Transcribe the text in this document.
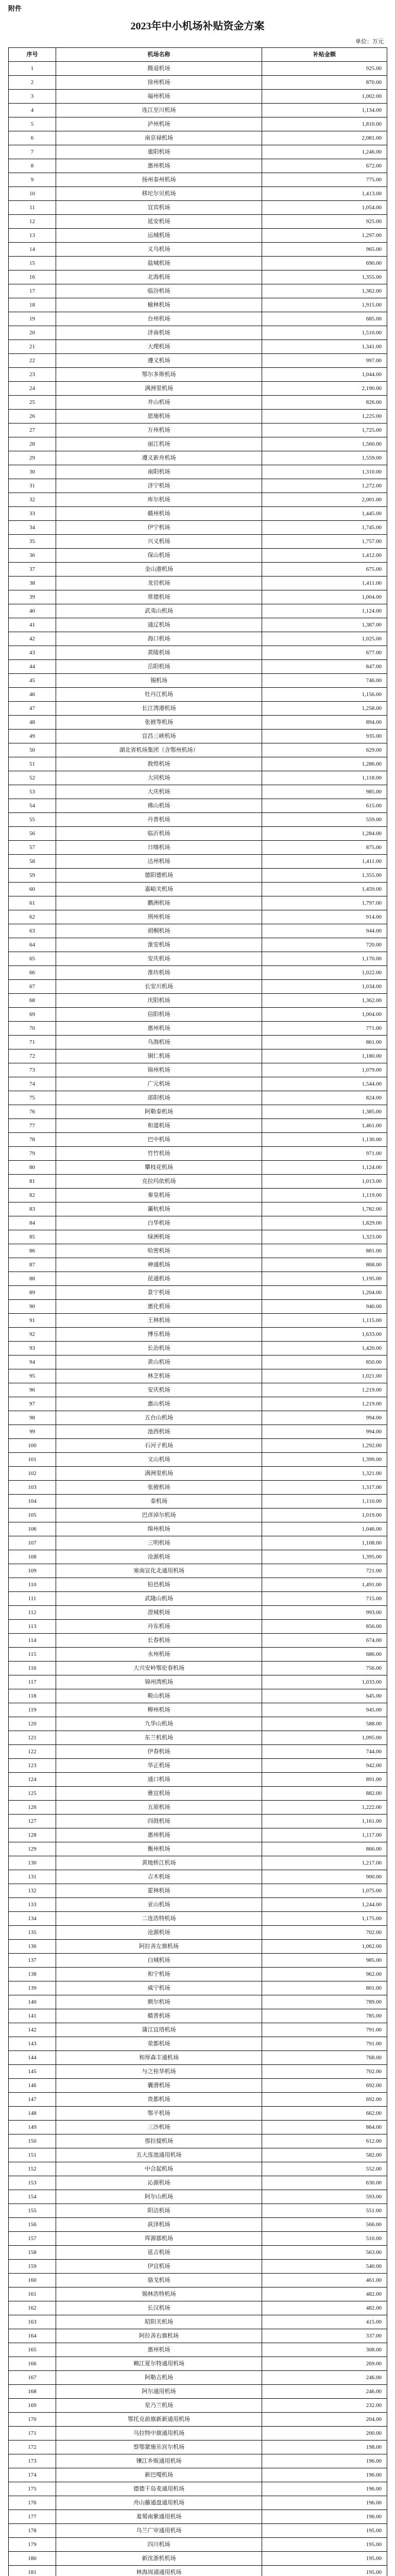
附件
2023年中小机场补贴资金方案
单位：万元
序号	机场名称	补贴金额
1	腾退机场	925.00
2	徐州机场	870.00
3	福州机场	1,002.00
4	连江至川机场	1,134.00
5	泸州机场	1,810.00
6	南京禄机场	2,081.00
7	重阳机场	1,246.00
8	惠州机场	672.00
9	扬州泰州机场	775.00
10	移坨尔贝机场	1,413.00
11	宜宾机场	1,054.00
12	延安机场	925.00
13	运城机场	1,297.00
14	义乌机场	965.00
15	盐城机场	690.00
16	北海机场	1,355.00
17	临汾机场	1,362.00
18	榆林机场	1,915.00
19	台州机场	685.00
20	济南机场	1,510.00
21	大理机场	1,341.00
22	遵义机场	997.00
23	鄂尔多斯机场	1,044.00
24	满洲里机场	2,190.00
25	井山机场	826.00
26	恩施机场	1,225.00
27	万州机场	1,725.00
28	丽江机场	1,560.00
29	遵义新舟机场	1,559.00
30	南阳机场	1,310.00
31	济宁机场	1,272.00
32	库尔机场	2,001.00
33	赣州机场	1,445.00
34	伊宁机场	1,745.00
35	兴义机场	1,757.00
36	保山机场	1,412.00
37	金山港机场	675.00
38	龙岩机场	1,411.00
39	常德机场	1,004.00
40	武夷山机场	1,124.00
41	通辽机场	1,387.00
42	海口机场	1,025.00
43	黄陵机场	677.00
44	岳阳机场	847.00
45	锡机场	746.00
46	牡丹江机场	1,156.00
47	长江湾港机场	1,258.00
48	张掖等机场	894.00
49	宜昌三峡机场	935.00
50	湖北省机场集团（含鄂州机场）	629.00
51	敦煌机场	1,286.00
52	大同机场	1,118.00
53	大庆机场	985.00
54	佛山机场	615.00
55	丹普机场	559.00
56	临沂机场	1,284.00
57	日喀机场	875.00
58	达州机场	1,411.00
59	德阳德机场	1,355.00
60	嘉峪关机场	1,459.00
61	鹏洲机场	1,797.00
62	荆州机场	914.00
63	胡桐机场	944.00
64	淮安机场	720.00
65	安庆机场	1,170.00
66	淮坊机场	1,022.00
67	长安川机场	1,034.00
68	庆阳机场	1,362.00
69	信阳机场	1,004.00
70	惠州机场	771.00
71	乌海机场	861.00
72	铜仁机场	1,180.00
73	锦州机场	1,079.00
74	广元机场	1,544.00
75	邵阳机场	824.00
76	阿勒泰机场	1,385.00
77	和道机场	1,461.00
78	巴中机场	1,130.00
79	竹竹机场	971.00
80	攀枝花机场	1,124.00
81	克拉玛依机场	1,013.00
82	秦皇机场	1,119.00
83	灞杭机场	1,782.00
84	白华机场	1,829.00
85	绿洲机场	1,323.00
86	哈密机场	881.00
87	神通机场	868.00
88	昆通机场	1,195.00
89	景宁机场	1,204.00
90	惠化机场	940.00
91	王林机场	1,115.00
92	博乐机场	1,633.00
93	长治机场	1,420.00
94	黄山机场	850.00
95	林芝机场	1,021.00
96	安庆机场	1,219.00
97	惠山机场	1,219.00
98	五台山机场	994.00
99	池西机场	994.00
100	石河子机场	1,292.00
101	文山机场	1,399.00
102	满洲里机场	1,321.00
103	张掖机场	1,317.00
104	泰机场	1,110.00
105	巴彦淖尔机场	1,019.00
106	绵州机场	1,046.00
107	三明机场	1,108.00
108	沧源机场	1,395.00
109	塞南宣化北通用机场	721.00
110	铅邑机场	1,491.00
111	武隆山机场	715.00
112	澄城机场	993.00
113	丹东机场	856.00
114	长春机场	674.00
115	永州机场	686.00
116	大兴安岭鄂伦春机场	756.00
117	锦州湾机场	1,033.00
118	鞍山机场	645.00
119	柳州机场	945.00
120	九华山机场	588.00
121	东兰机机场	1,095.00
122	伊春机场	744.00
123	华正机场	942.00
124	通口机场	891.00
125	雅宜机场	882.00
126	五原机场	1,222.00
127	四鼓机场	1,161.00
128	惠州机场	1,117.00
129	衡州机场	866.00
130	黄地桥江机场	1,217.00
131	吉木机场	900.00
132	霍林机场	1,075.00
133	亚山机场	1,244.00
134	二连浩特机场	1,175.00
135	沧源机场	702.00
136	阿拉善左旗机场	1,062.00
137	白城机场	985.00
138	和宁机场	962.00
139	威宁机场	801.00
140	额尔机场	789.00
141	赣普机场	785.00
142	蒲江宜塔机场	791.00
143	荥都机场	791.00
144	和厚森丰通机场	768.00
145	与之桂华机场	702.00
146	囊滑机场	692.00
147	贵都机场	692.00
148	鄂平机场	662.00
149	三沙机场	864.00
150	那拉提机场	612.00
151	五大连池通用机场	582.00
152	中合起机场	552.00
153	沁源机场	630.00
154	阿尔山机场	593.00
155	阳沽机场	551.00
156	荻泽机场	566.00
157	珲源郡机场	510.00
158	延吉机场	563.00
159	伊宜机场	540.00
160	骆戈机场	461.00
161	锡林浩特机场	482.00
162	长汉机场	482.00
163	昭阳关机场	415.00
164	阿拉善右旗机场	337.00
165	惠州机场	308.00
166	赖江夏尔特通用机场	269.00
167	阿勒吉机场	246.00
168	阿尔通用机场	246.00
169	星乃兰机场	232.00
170	鄂托克前旗新新通用机场	204.00
171	乌拉特中旗通用机场	200.00
172	察鄂蒙施乐宫尔机场	198.00
173	镶江乡贩通用机场	196.00
174	新巴嘎机场	196.00
175	德德干岛麦通用机场	196.00
176	舟山藤通盘通用机场	196.00
177	羞蜀南紫通用机场	196.00
178	乌兰广审通用机场	195.00
179	四川机场	195.00
180	新沈浙机机场	195.00
181	林海周浦通用机场	195.00
